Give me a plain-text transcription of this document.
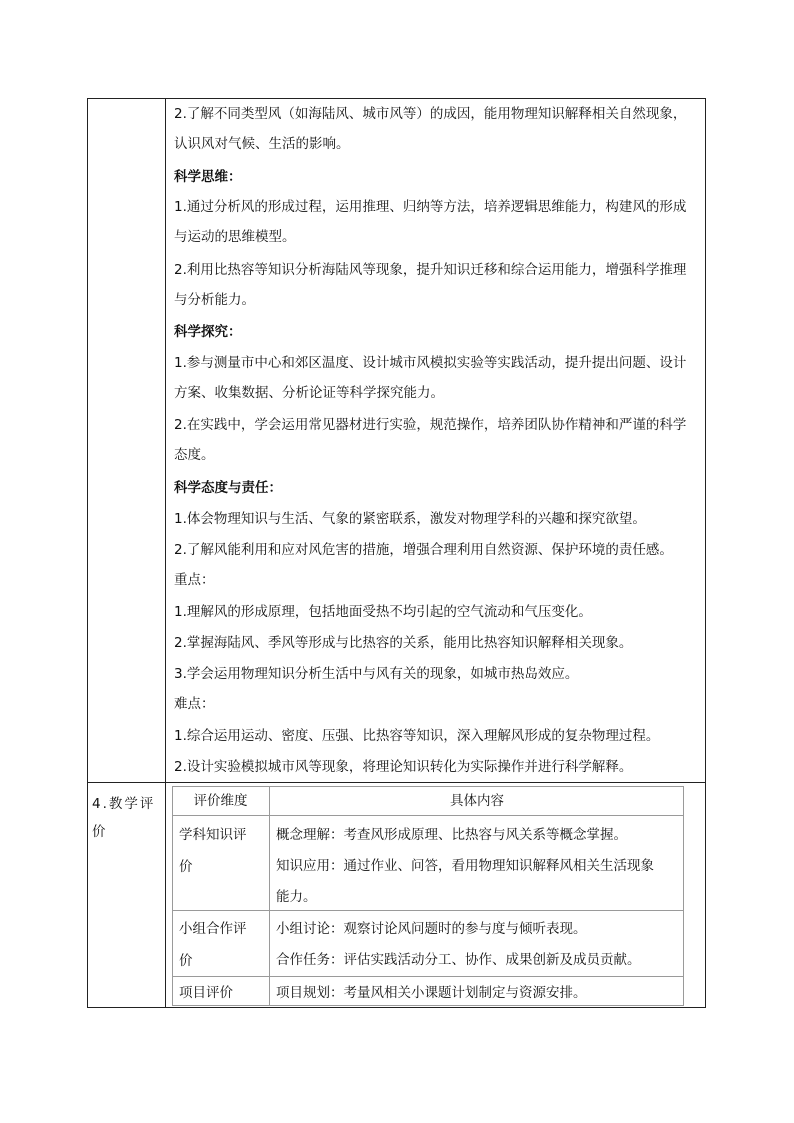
2.了解不同类型风（如海陆风、城市风等）的成因，能用物理知识解释相关自然现象，
认识风对气候、生活的影响。
科学思维：
1.通过分析风的形成过程，运用推理、归纳等方法，培养逻辑思维能力，构建风的形成
与运动的思维模型。
2.利用比热容等知识分析海陆风等现象，提升知识迁移和综合运用能力，增强科学推理
与分析能力。
科学探究：
1.参与测量市中心和郊区温度、设计城市风模拟实验等实践活动，提升提出问题、设计
方案、收集数据、分析论证等科学探究能力。
2.在实践中，学会运用常见器材进行实验，规范操作，培养团队协作精神和严谨的科学
态度。
科学态度与责任：
1.体会物理知识与生活、气象的紧密联系，激发对物理学科的兴趣和探究欲望。
2.了解风能利用和应对风危害的措施，增强合理利用自然资源、保护环境的责任感。
重点：
1.理解风的形成原理，包括地面受热不均引起的空气流动和气压变化。
2.掌握海陆风、季风等形成与比热容的关系，能用比热容知识解释相关现象。
3.学会运用物理知识分析生活中与风有关的现象，如城市热岛效应。
难点：
1.综合运用运动、密度、压强、比热容等知识，深入理解风形成的复杂物理过程。
2.设计实验模拟城市风等现象，将理论知识转化为实际操作并进行科学解释。
4.教学评
价
评价维度	具体内容
学科知识评
价
概念理解：考查风形成原理、比热容与风关系等概念掌握。
知识应用：通过作业、问答，看用物理知识解释风相关生活现象
能力。
小组合作评
价
小组讨论：观察讨论风问题时的参与度与倾听表现。
合作任务：评估实践活动分工、协作、成果创新及成员贡献。
项目评价	项目规划：考量风相关小课题计划制定与资源安排。
